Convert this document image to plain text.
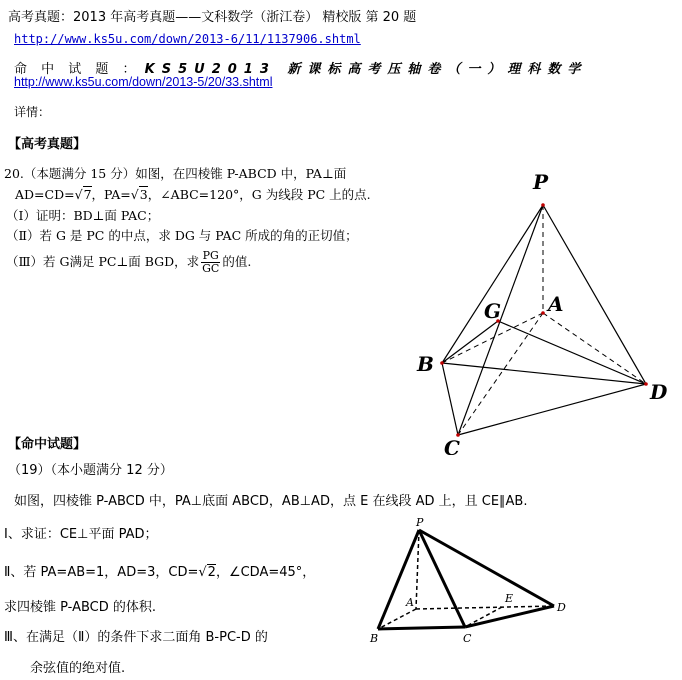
高考真题：2013 年高考真题——文科数学（浙江卷） 精校版 第 20 题
http://www.ks5u.com/down/2013-6/11/1137906.shtml
命 中 试 题 ： KS5U2013 新课标高考压轴卷（一）理科数学
http://www.ks5u.com/down/2013-5/20/33.shtml
详情：
【高考真题】
20.（本题满分 15 分）如图，在四棱锥 P-ABCD 中，PA⊥面
AD=CD=√7，PA=√3，∠ABC=120°，G 为线段 PC 上的点.
（Ⅰ）证明：BD⊥面 PAC；
（Ⅱ）若 G 是 PC 的中点，求 DG 与 PAC 所成的角的正切值；
（Ⅲ）若 G满足 PC⊥面 BGD，求 $\frac{PG}{GC}$ 的值.
P
G A
B
C
D
【命中试题】
（19）（本小题满分 12 分）
如图，四棱锥 P-ABCD 中，PA⊥底面 ABCD，AB⊥AD，点 E 在线段 AD 上，且 CE∥AB.
Ⅰ、求证：CE⊥平面 PAD；
Ⅱ、若 PA=AB=1，AD=3，CD=√2，∠CDA=45°，
求四棱锥 P-ABCD 的体积.
Ⅲ、在满足（Ⅱ）的条件下求二面角 B-PC-D 的
余弦值的绝对值.
P
A	E
D
B	C
